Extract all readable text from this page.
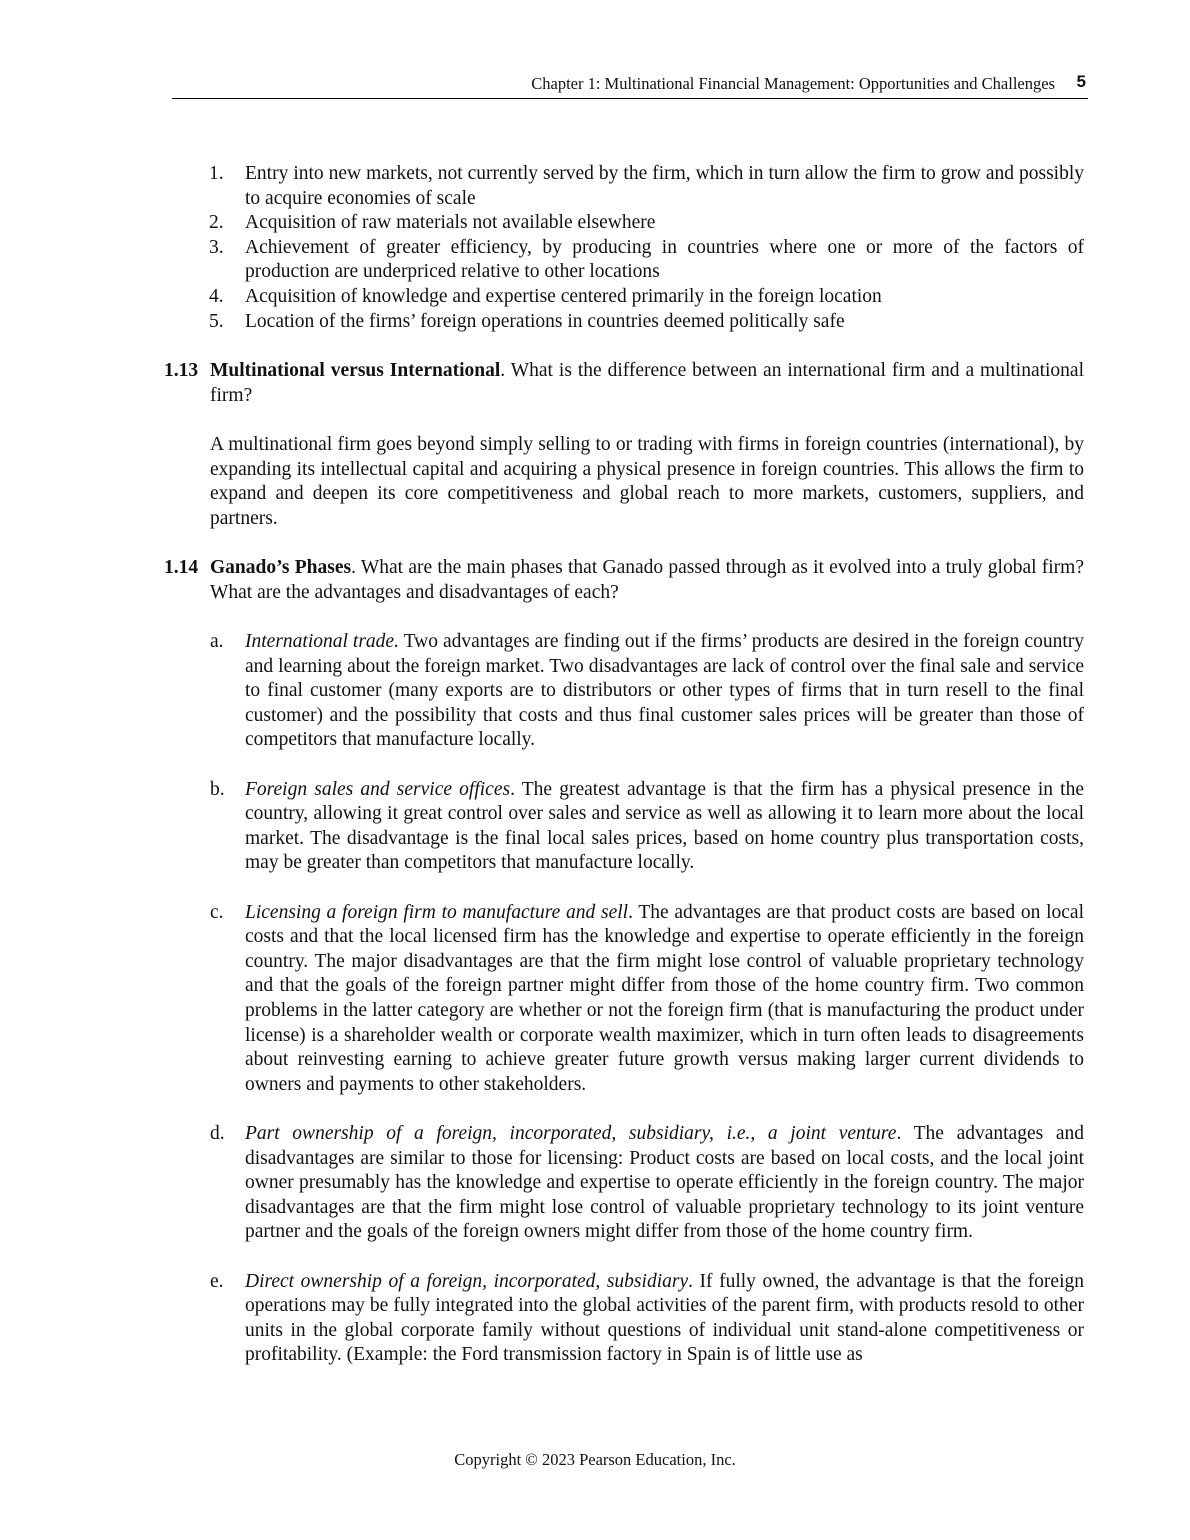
Chapter 1: Multinational Financial Management: Opportunities and Challenges 5
1. Entry into new markets, not currently served by the firm, which in turn allow the firm to grow and possibly to acquire economies of scale
2. Acquisition of raw materials not available elsewhere
3. Achievement of greater efficiency, by producing in countries where one or more of the factors of production are underpriced relative to other locations
4. Acquisition of knowledge and expertise centered primarily in the foreign location
5. Location of the firms’ foreign operations in countries deemed politically safe
1.13 Multinational versus International. What is the difference between an international firm and a multinational firm?
A multinational firm goes beyond simply selling to or trading with firms in foreign countries (international), by expanding its intellectual capital and acquiring a physical presence in foreign countries. This allows the firm to expand and deepen its core competitiveness and global reach to more markets, customers, suppliers, and partners.
1.14 Ganado’s Phases. What are the main phases that Ganado passed through as it evolved into a truly global firm? What are the advantages and disadvantages of each?
a. International trade. Two advantages are finding out if the firms’ products are desired in the foreign country and learning about the foreign market. Two disadvantages are lack of control over the final sale and service to final customer (many exports are to distributors or other types of firms that in turn resell to the final customer) and the possibility that costs and thus final customer sales prices will be greater than those of competitors that manufacture locally.
b. Foreign sales and service offices. The greatest advantage is that the firm has a physical presence in the country, allowing it great control over sales and service as well as allowing it to learn more about the local market. The disadvantage is the final local sales prices, based on home country plus transportation costs, may be greater than competitors that manufacture locally.
c. Licensing a foreign firm to manufacture and sell. The advantages are that product costs are based on local costs and that the local licensed firm has the knowledge and expertise to operate efficiently in the foreign country. The major disadvantages are that the firm might lose control of valuable proprietary technology and that the goals of the foreign partner might differ from those of the home country firm. Two common problems in the latter category are whether or not the foreign firm (that is manufacturing the product under license) is a shareholder wealth or corporate wealth maximizer, which in turn often leads to disagreements about reinvesting earning to achieve greater future growth versus making larger current dividends to owners and payments to other stakeholders.
d. Part ownership of a foreign, incorporated, subsidiary, i.e., a joint venture. The advantages and disadvantages are similar to those for licensing: Product costs are based on local costs, and the local joint owner presumably has the knowledge and expertise to operate efficiently in the foreign country. The major disadvantages are that the firm might lose control of valuable proprietary technology to its joint venture partner and the goals of the foreign owners might differ from those of the home country firm.
e. Direct ownership of a foreign, incorporated, subsidiary. If fully owned, the advantage is that the foreign operations may be fully integrated into the global activities of the parent firm, with products resold to other units in the global corporate family without questions of individual unit stand-alone competitiveness or profitability. (Example: the Ford transmission factory in Spain is of little use as
Copyright © 2023 Pearson Education, Inc.
